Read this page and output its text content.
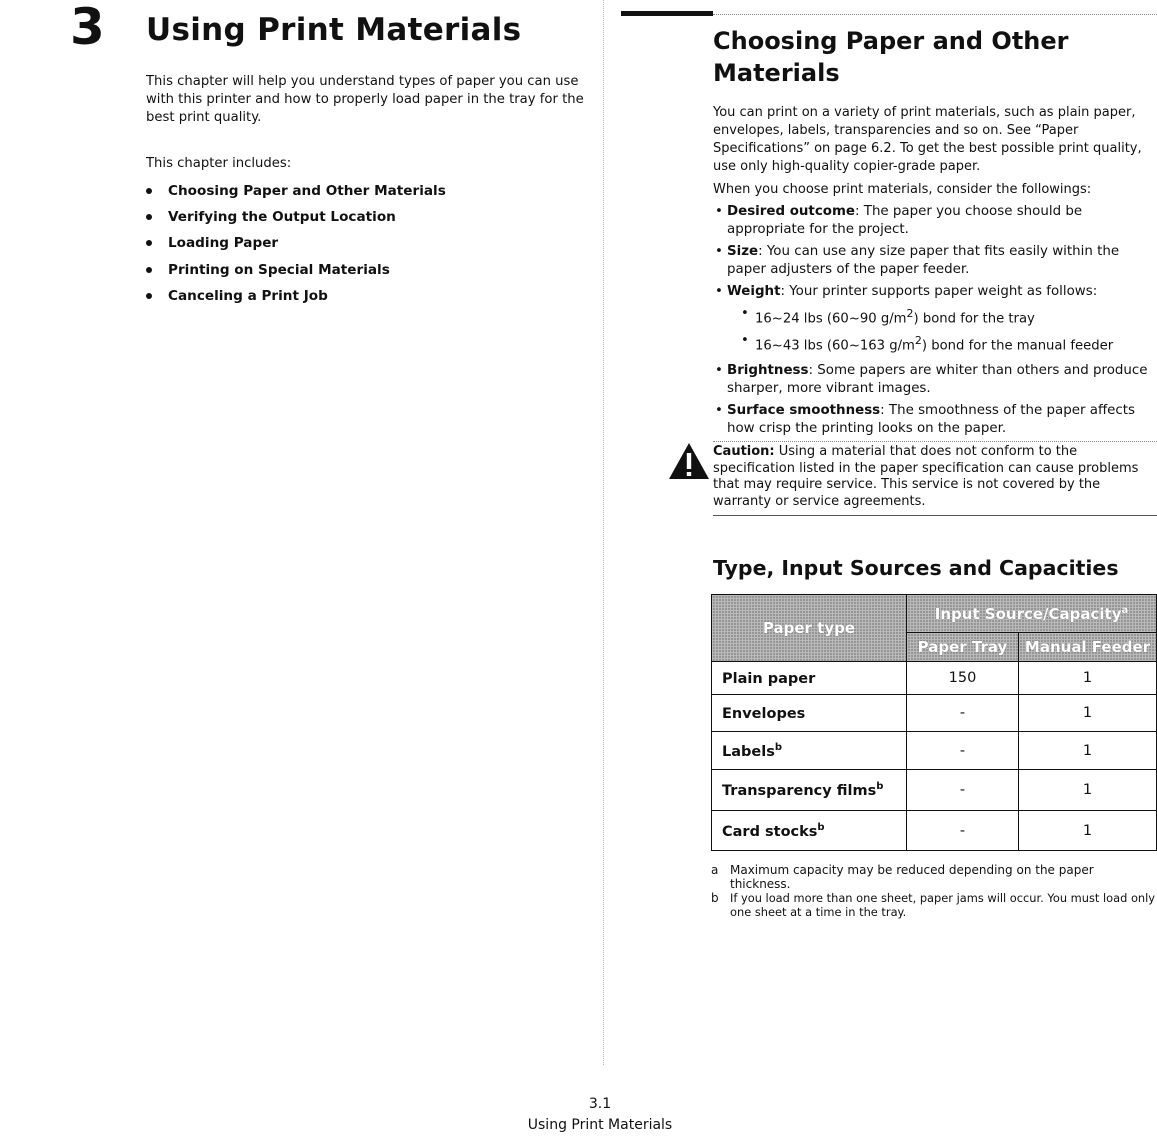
3 Using Print Materials
This chapter will help you understand types of paper you can use with this printer and how to properly load paper in the tray for the best print quality.
This chapter includes:
Choosing Paper and Other Materials
Verifying the Output Location
Loading Paper
Printing on Special Materials
Canceling a Print Job
Choosing Paper and Other Materials
You can print on a variety of print materials, such as plain paper, envelopes, labels, transparencies and so on. See “Paper Specifications” on page 6.2. To get the best possible print quality, use only high-quality copier-grade paper.
When you choose print materials, consider the followings:
• Desired outcome: The paper you choose should be appropriate for the project.
• Size: You can use any size paper that fits easily within the paper adjusters of the paper feeder.
• Weight: Your printer supports paper weight as follows:
• 16~24 lbs (60~90 $g/m^2$) bond for the tray
• 16~43 lbs (60~163 $g/m^2$) bond for the manual feeder
• Brightness: Some papers are whiter than others and produce sharper, more vibrant images.
• Surface smoothness: The smoothness of the paper affects how crisp the printing looks on the paper.
Caution: Using a material that does not conform to the specification listed in the paper specification can cause problems that may require service. This service is not covered by the warranty or service agreements.
Type, Input Sources and Capacities
Paper type	Input Source/Capacity$^a$
	Paper Tray	Manual Feeder
Plain paper	150	1
Envelopes	-	1
Labels$^b$	-	1
Transparency films$^b$	-	1
Card stocks$^b$	-	1
a Maximum capacity may be reduced depending on the paper thickness.
b If you load more than one sheet, paper jams will occur. You must load only one sheet at a time in the tray.
3.1
Using Print Materials
